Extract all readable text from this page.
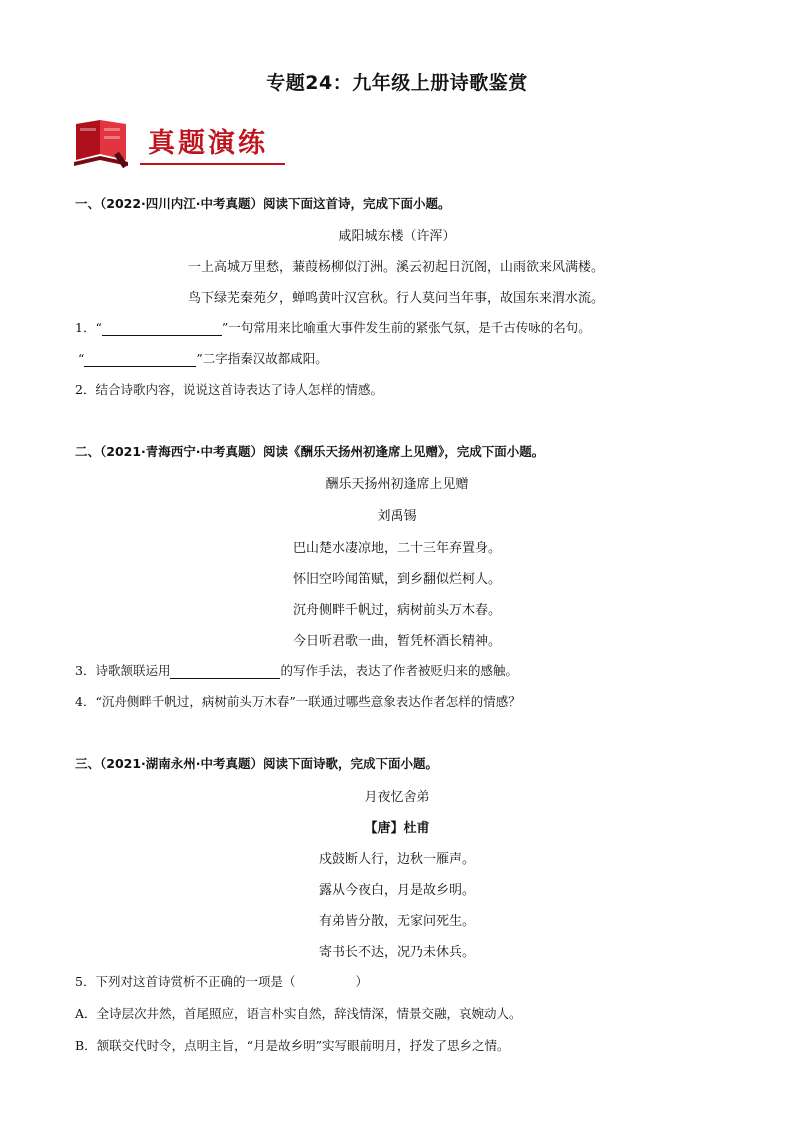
专题24：九年级上册诗歌鉴赏
真题演练
一、（2022·四川内江·中考真题）阅读下面这首诗，完成下面小题。
咸阳城东楼（许浑）
一上高城万里愁，蒹葭杨柳似汀洲。溪云初起日沉阁，山雨欲来风满楼。
鸟下绿芜秦苑夕，蝉鸣黄叶汉宫秋。行人莫问当年事，故国东来渭水流。
1．“	”一句常用来比喻重大事件发生前的紧张气氛，是千古传咏的名句。
“	”二字指秦汉故都咸阳。
2．结合诗歌内容，说说这首诗表达了诗人怎样的情感。
二、（2021·青海西宁·中考真题）阅读《酬乐天扬州初逢席上见赠》，完成下面小题。
酬乐天扬州初逢席上见赠
刘禹锡
巴山楚水凄凉地，二十三年弃置身。
怀旧空吟闻笛赋，到乡翻似烂柯人。
沉舟侧畔千帆过，病树前头万木春。
今日听君歌一曲，暂凭杯酒长精神。
3．诗歌颔联运用	的写作手法，表达了作者被贬归来的感触。
4．“沉舟侧畔千帆过，病树前头万木春”一联通过哪些意象表达作者怎样的情感？
三、（2021·湖南永州·中考真题）阅读下面诗歌，完成下面小题。
月夜忆舍弟
【唐】杜甫
戍鼓断人行，边秋一雁声。
露从今夜白，月是故乡明。
有弟皆分散，无家问死生。
寄书长不达，况乃未休兵。
5．下列对这首诗赏析不正确的一项是（	）
A．全诗层次井然，首尾照应，语言朴实自然，辞浅情深，情景交融，哀婉动人。
B．颔联交代时令，点明主旨，“月是故乡明”实写眼前明月，抒发了思乡之情。
